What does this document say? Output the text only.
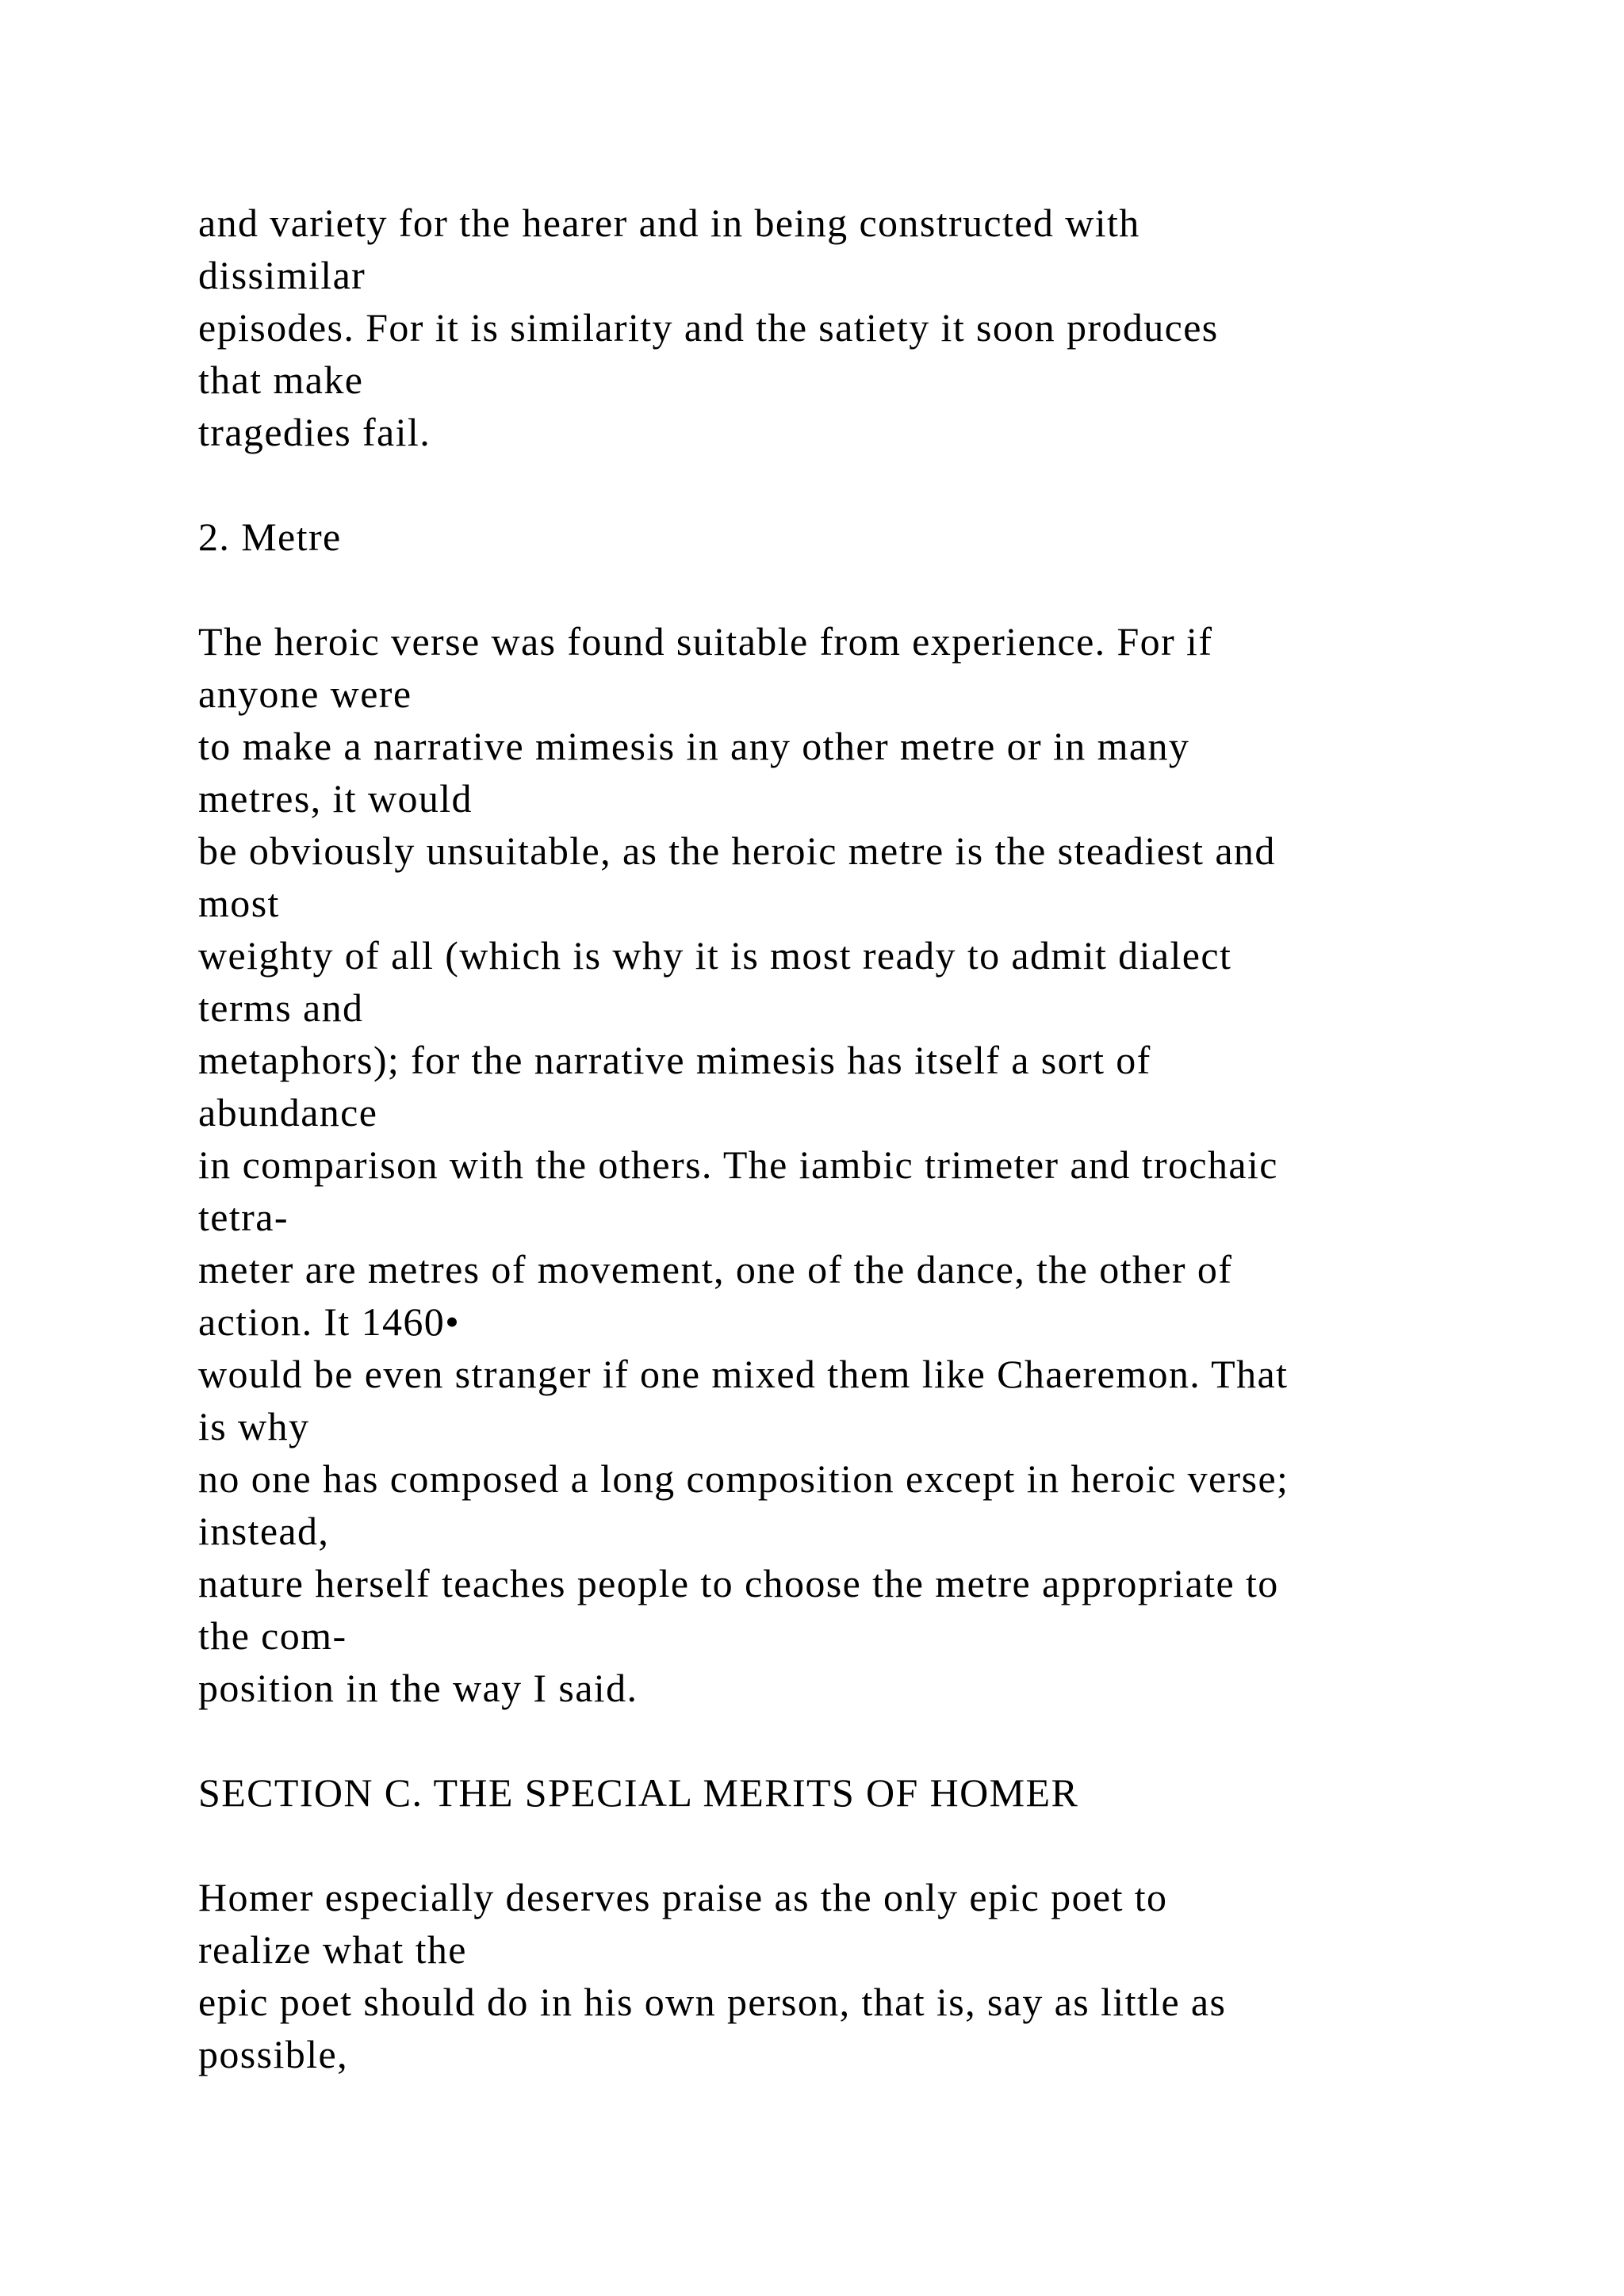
and variety for the hearer and in being constructed with
dissimilar
episodes. For it is similarity and the satiety it soon produces
that make
tragedies fail.
2. Metre
The heroic verse was found suitable from experience. For if
anyone were
to make a narrative mimesis in any other metre or in many
metres, it would
be obviously unsuitable, as the heroic metre is the steadiest and
most
weighty of all (which is why it is most ready to admit dialect
terms and
metaphors); for the narrative mimesis has itself a sort of
abundance
in comparison with the others. The iambic trimeter and trochaic
tetra-
meter are metres of movement, one of the dance, the other of
action. It 1460•
would be even stranger if one mixed them like Chaeremon. That
is why
no one has composed a long composition except in heroic verse;
instead,
nature herself teaches people to choose the metre appropriate to
the com-
position in the way I said.
SECTION C. THE SPECIAL MERITS OF HOMER
Homer especially deserves praise as the only epic poet to
realize what the
epic poet should do in his own person, that is, say as little as
possible,
